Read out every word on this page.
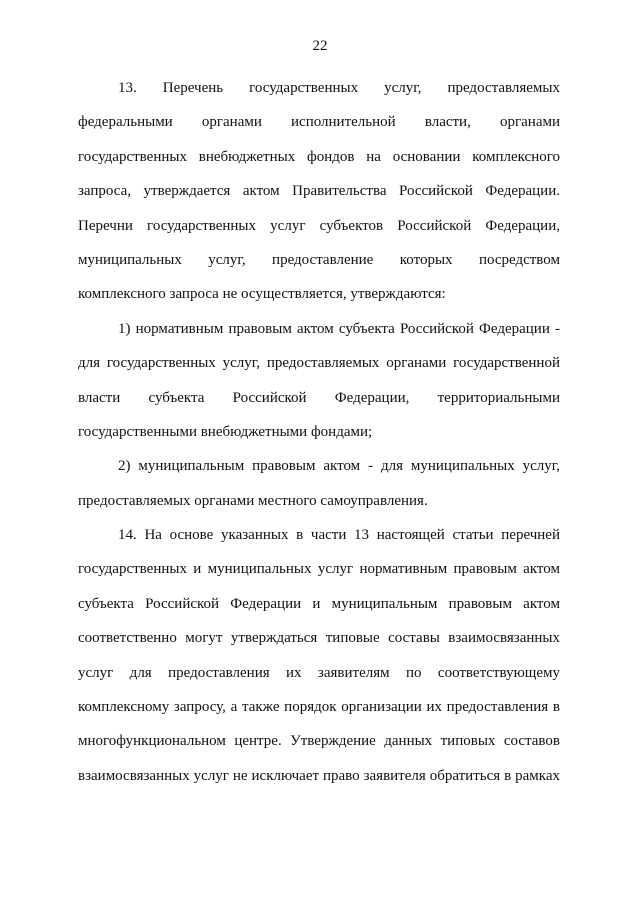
22
13. Перечень государственных услуг, предоставляемых
федеральными органами исполнительной власти, органами
государственных внебюджетных фондов на основании комплексного
запроса, утверждается актом Правительства Российской Федерации.
Перечни государственных услуг субъектов Российской Федерации,
муниципальных услуг, предоставление которых посредством
комплексного запроса не осуществляется, утверждаются:
1) нормативным правовым актом субъекта Российской Федерации -
для государственных услуг, предоставляемых органами государственной
власти субъекта Российской Федерации, территориальными
государственными внебюджетными фондами;
2) муниципальным правовым актом - для муниципальных услуг,
предоставляемых органами местного самоуправления.
14. На основе указанных в части 13 настоящей статьи перечней
государственных и муниципальных услуг нормативным правовым актом
субъекта Российской Федерации и муниципальным правовым актом
соответственно могут утверждаться типовые составы взаимосвязанных
услуг для предоставления их заявителям по соответствующему
комплексному запросу, а также порядок организации их предоставления в
многофункциональном центре. Утверждение данных типовых составов
взаимосвязанных услуг не исключает право заявителя обратиться в рамках
